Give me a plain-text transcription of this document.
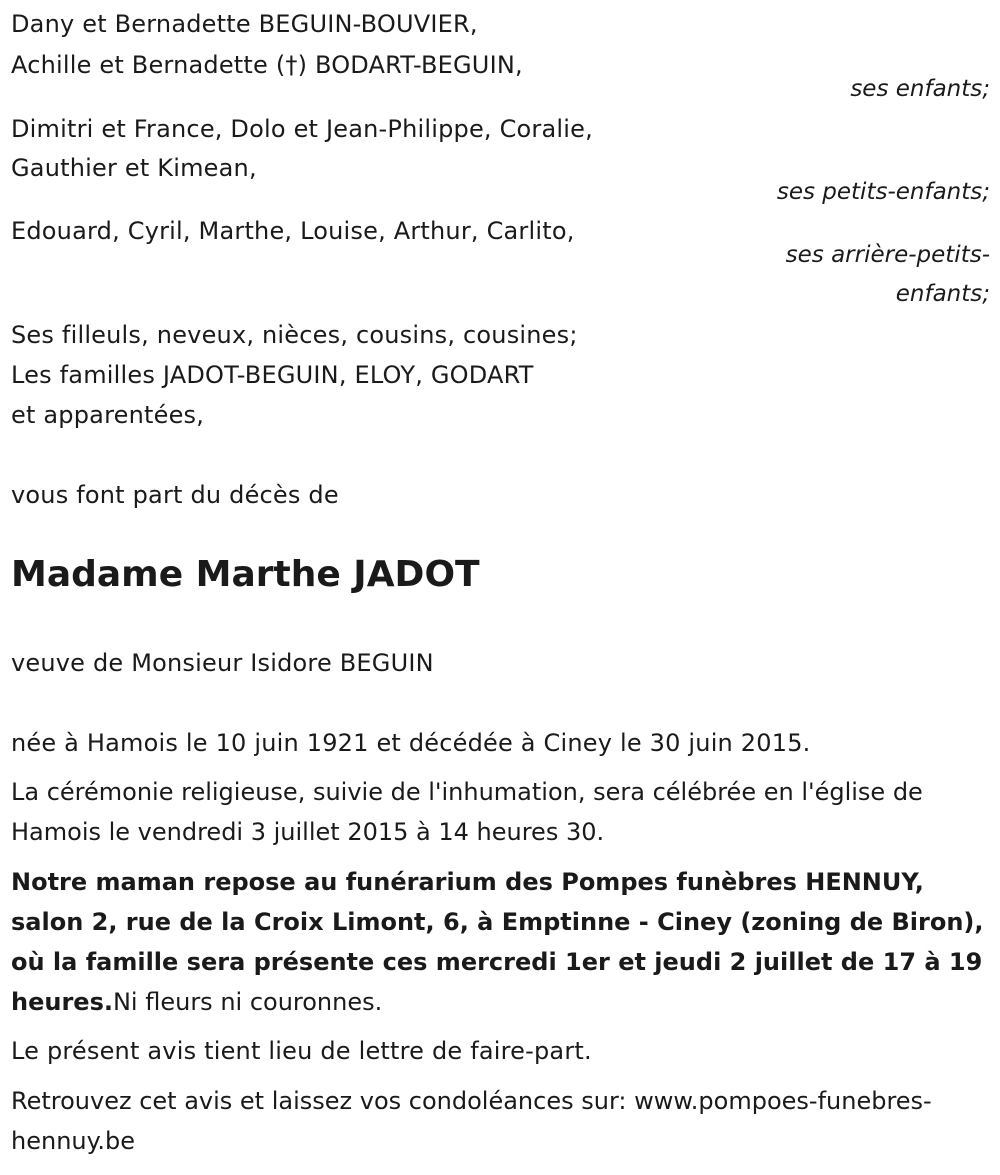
Dany et Bernadette BEGUIN-BOUVIER,
Achille et Bernadette (†) BODART-BEGUIN,
ses enfants;
Dimitri et France, Dolo et Jean-Philippe, Coralie,
Gauthier et Kimean,
ses petits-enfants;
Edouard, Cyril, Marthe, Louise, Arthur, Carlito,
ses arrière-petits-
enfants;
Ses filleuls, neveux, nièces, cousins, cousines;
Les familles JADOT-BEGUIN, ELOY, GODART
et apparentées,
vous font part du décès de
Madame Marthe JADOT
veuve de Monsieur Isidore BEGUIN
née à Hamois le 10 juin 1921 et décédée à Ciney le 30 juin 2015.
La cérémonie religieuse, suivie de l'inhumation, sera célébrée en l'église de Hamois le vendredi 3 juillet 2015 à 14 heures 30.
Notre maman repose au funérarium des Pompes funèbres HENNUY, salon 2, rue de la Croix Limont, 6, à Emptinne - Ciney (zoning de Biron), où la famille sera présente ces mercredi 1er et jeudi 2 juillet de 17 à 19 heures.Ni fleurs ni couronnes.
Le présent avis tient lieu de lettre de faire-part.
Retrouvez cet avis et laissez vos condoléances sur: www.pompoes-funebres-hennuy.be
